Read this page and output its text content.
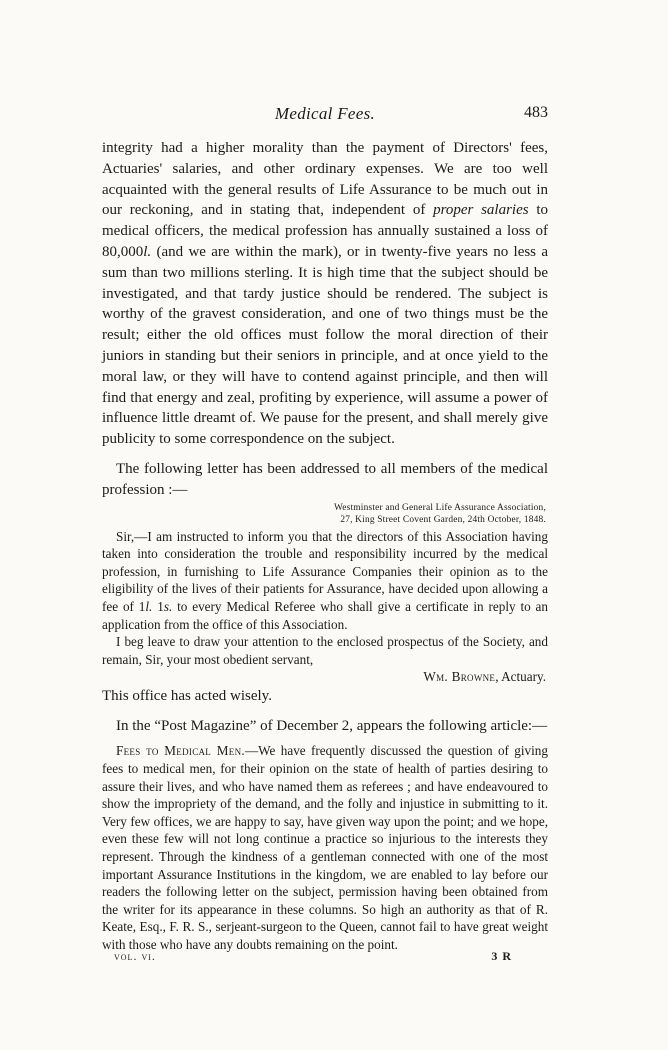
Medical Fees.	483

integrity had a higher morality than the payment of Directors' fees, Actuaries' salaries, and other ordinary expenses. We are too well acquainted with the general results of Life Assurance to be much out in our reckoning, and in stating that, independent of proper salaries to medical officers, the medical profession has annually sustained a loss of 80,000l. (and we are within the mark), or in twenty-five years no less a sum than two millions sterling. It is high time that the subject should be investigated, and that tardy justice should be rendered. The subject is worthy of the gravest consideration, and one of two things must be the result; either the old offices must follow the moral direction of their juniors in standing but their seniors in principle, and at once yield to the moral law, or they will have to contend against principle, and then will find that energy and zeal, profiting by experience, will assume a power of influence little dreamt of. We pause for the present, and shall merely give publicity to some correspondence on the subject.

The following letter has been addressed to all members of the medical profession :—

Westminster and General Life Assurance Association,
27, King Street Covent Garden, 24th October, 1848.

Sir,—I am instructed to inform you that the directors of this Association having taken into consideration the trouble and responsibility incurred by the medical profession, in furnishing to Life Assurance Companies their opinion as to the eligibility of the lives of their patients for Assurance, have decided upon allowing a fee of 1l. 1s. to every Medical Referee who shall give a certificate in reply to an application from the office of this Association.

I beg leave to draw your attention to the enclosed prospectus of the Society, and remain, Sir, your most obedient servant,

Wm. Browne, Actuary.

This office has acted wisely.

In the “Post Magazine” of December 2, appears the following article:—

Fees to Medical Men.—We have frequently discussed the question of giving fees to medical men, for their opinion on the state of health of parties desiring to assure their lives, and who have named them as referees ; and have endeavoured to show the impropriety of the demand, and the folly and injustice in submitting to it. Very few offices, we are happy to say, have given way upon the point; and we hope, even these few will not long continue a practice so injurious to the interests they represent. Through the kindness of a gentleman connected with one of the most important Assurance Institutions in the kingdom, we are enabled to lay before our readers the following letter on the subject, permission having been obtained from the writer for its appearance in these columns. So high an authority as that of R. Keate, Esq., F. R. S., serjeant-surgeon to the Queen, cannot fail to have great weight with those who have any doubts remaining on the point.

vol. vi.	3 R
